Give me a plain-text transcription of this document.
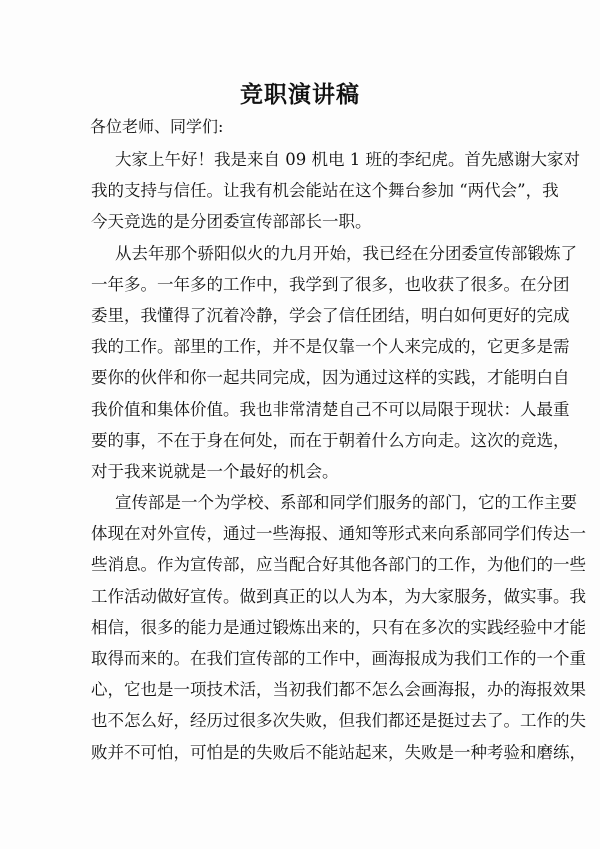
竞职演讲稿
各位老师、同学们:
大家上午好！我是来自 09 机电 1 班的李纪虎。首先感谢大家对
我的支持与信任。让我有机会能站在这个舞台参加 “两代会”，我
今天竞选的是分团委宣传部部长一职。
从去年那个骄阳似火的九月开始，我已经在分团委宣传部锻炼了
一年多。一年多的工作中，我学到了很多，也收获了很多。在分团
委里，我懂得了沉着冷静，学会了信任团结，明白如何更好的完成
我的工作。部里的工作，并不是仅靠一个人来完成的，它更多是需
要你的伙伴和你一起共同完成，因为通过这样的实践，才能明白自
我价值和集体价值。我也非常清楚自己不可以局限于现状：人最重
要的事，不在于身在何处，而在于朝着什么方向走。这次的竞选，
对于我来说就是一个最好的机会。
宣传部是一个为学校、系部和同学们服务的部门，它的工作主要
体现在对外宣传，通过一些海报、通知等形式来向系部同学们传达一
些消息。作为宣传部，应当配合好其他各部门的工作，为他们的一些
工作活动做好宣传。做到真正的以人为本，为大家服务，做实事。我
相信，很多的能力是通过锻炼出来的，只有在多次的实践经验中才能
取得而来的。在我们宣传部的工作中，画海报成为我们工作的一个重
心，它也是一项技术活，当初我们都不怎么会画海报，办的海报效果
也不怎么好，经历过很多次失败，但我们都还是挺过去了。工作的失
败并不可怕，可怕是的失败后不能站起来，失败是一种考验和磨练，
